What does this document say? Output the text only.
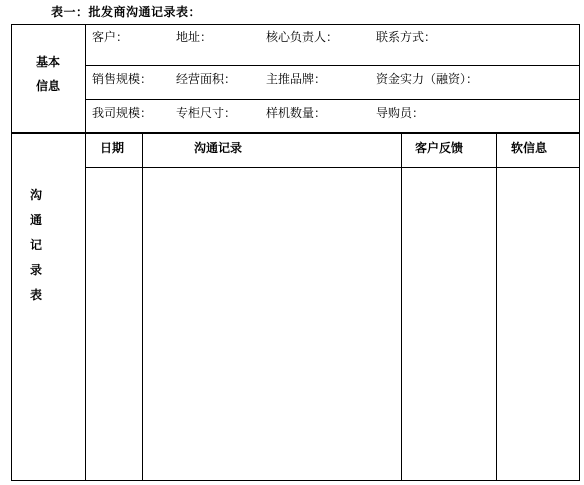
表一：批发商沟通记录表：
基本
信息
客户：	地址：	核心负责人：	联系方式：
销售规模： 经营面积： 主推品牌：	资金实力（融资）：
我司规模： 专柜尺寸： 样机数量：	导购员：
沟
通
记
录
表
日期	沟通记录	客户反馈	软信息
